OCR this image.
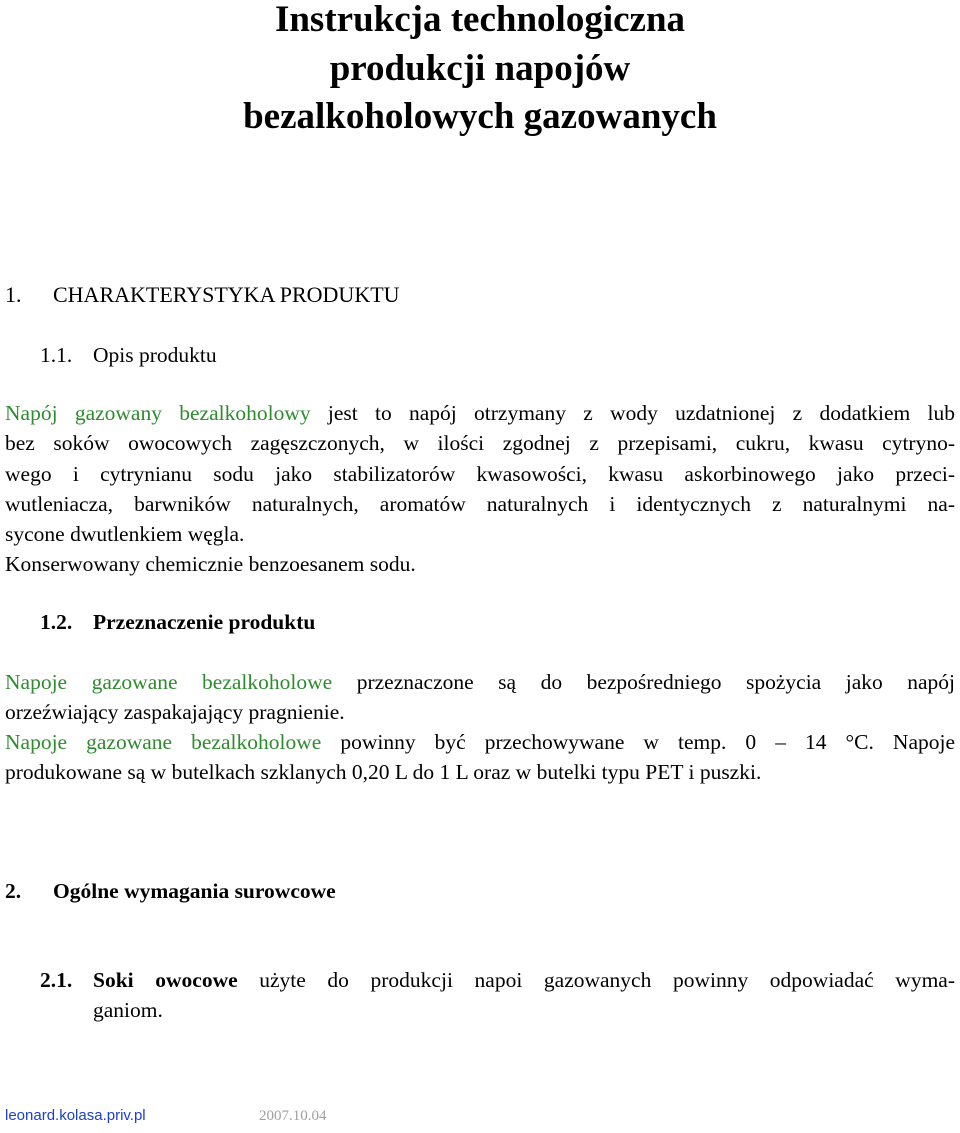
Instrukcja technologiczna
produkcji napojów
bezalkoholowych gazowanych
1. CHARAKTERYSTYKA PRODUKTU
1.1. Opis produktu
Napój gazowany bezalkoholowy jest to napój otrzymany z wody uzdatnionej z dodatkiem lub
bez soków owocowych zagęszczonych, w ilości zgodnej z przepisami, cukru, kwasu cytryno-
wego i cytrynianu sodu jako stabilizatorów kwasowości, kwasu askorbinowego jako przeci-
wutleniacza, barwników naturalnych, aromatów naturalnych i identycznych z naturalnymi na-
sycone dwutlenkiem węgla.
Konserwowany chemicznie benzoesanem sodu.
1.2. Przeznaczenie produktu
Napoje gazowane bezalkoholowe przeznaczone są do bezpośredniego spożycia jako napój
orzeźwiający zaspakajający pragnienie.
Napoje gazowane bezalkoholowe powinny być przechowywane w temp. 0 – 14 °C. Napoje
produkowane są w butelkach szklanych 0,20 L do 1 L oraz w butelki typu PET i puszki.
2. Ogólne wymagania surowcowe
2.1. Soki owocowe użyte do produkcji napoi gazowanych powinny odpowiadać wyma-
ganiom.
leonard.kolasa.priv.pl	2007.10.04
